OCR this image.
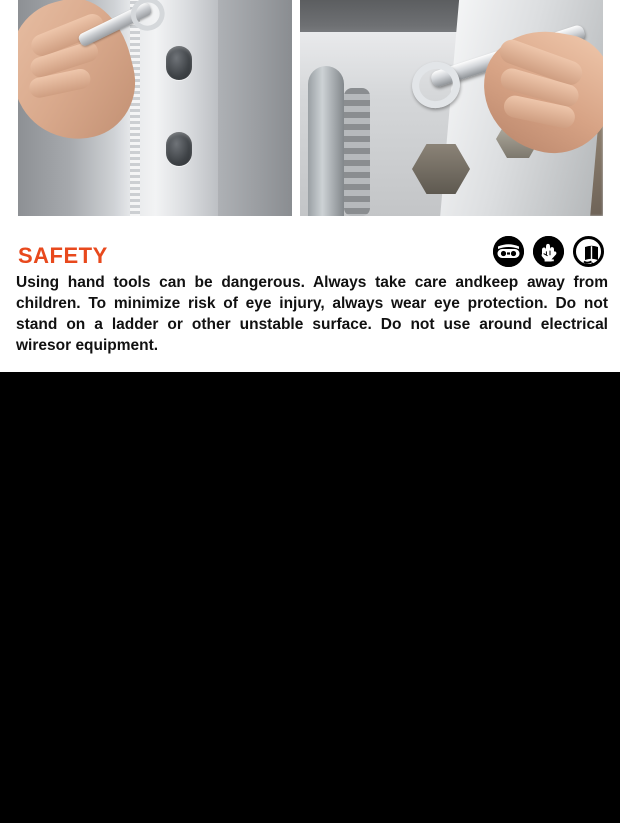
SAFETY
Using hand tools can be dangerous. Always take care andkeep away from children. To minimize risk of eye injury, always wear eye protection. Do not stand on a ladder or other unstable surface. Do not use around electrical wiresor equipment.
